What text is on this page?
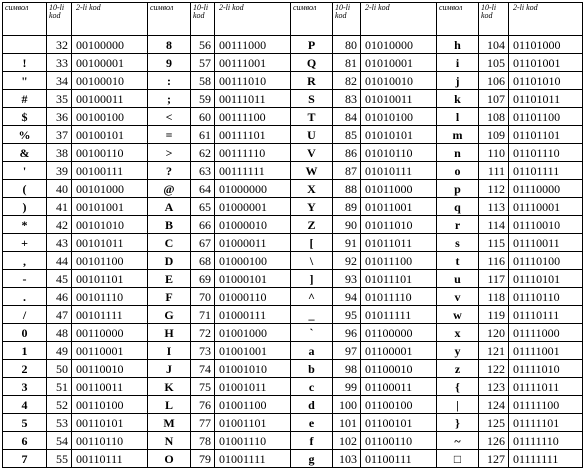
символ	10-li kod	2-li kod	символ	10-li kod	2-li kod	символ	10-li kod	2-li kod	символ	10-li kod	2-li kod
	32	00100000	8	56	00111000	P	80	01010000	h	104	01101000
!	33	00100001	9	57	00111001	Q	81	01010001	i	105	01101001
"	34	00100010	:	58	00111010	R	82	01010010	j	106	01101010
#	35	00100011	;	59	00111011	S	83	01010011	k	107	01101011
$	36	00100100	<	60	00111100	T	84	01010100	l	108	01101100
%	37	00100101	=	61	00111101	U	85	01010101	m	109	01101101
&	38	00100110	>	62	00111110	V	86	01010110	n	110	01101110
'	39	00100111	?	63	00111111	W	87	01010111	o	111	01101111
(	40	00101000	@	64	01000000	X	88	01011000	p	112	01110000
)	41	00101001	A	65	01000001	Y	89	01011001	q	113	01110001
*	42	00101010	B	66	01000010	Z	90	01011010	r	114	01110010
+	43	00101011	C	67	01000011	[	91	01011011	s	115	01110011
,	44	00101100	D	68	01000100	\	92	01011100	t	116	01110100
-	45	00101101	E	69	01000101	]	93	01011101	u	117	01110101
.	46	00101110	F	70	01000110	^	94	01011110	v	118	01110110
/	47	00101111	G	71	01000111	_	95	01011111	w	119	01110111
0	48	00110000	H	72	01001000	`	96	01100000	x	120	01111000
1	49	00110001	I	73	01001001	a	97	01100001	y	121	01111001
2	50	00110010	J	74	01001010	b	98	01100010	z	122	01111010
3	51	00110011	K	75	01001011	c	99	01100011	{	123	01111011
4	52	00110100	L	76	01001100	d	100	01100100	|	124	01111100
5	53	00110101	M	77	01001101	e	101	01100101	}	125	01111101
6	54	00110110	N	78	01001110	f	102	01100110	~	126	01111110
7	55	00110111	O	79	01001111	g	103	01100111	□	127	01111111
